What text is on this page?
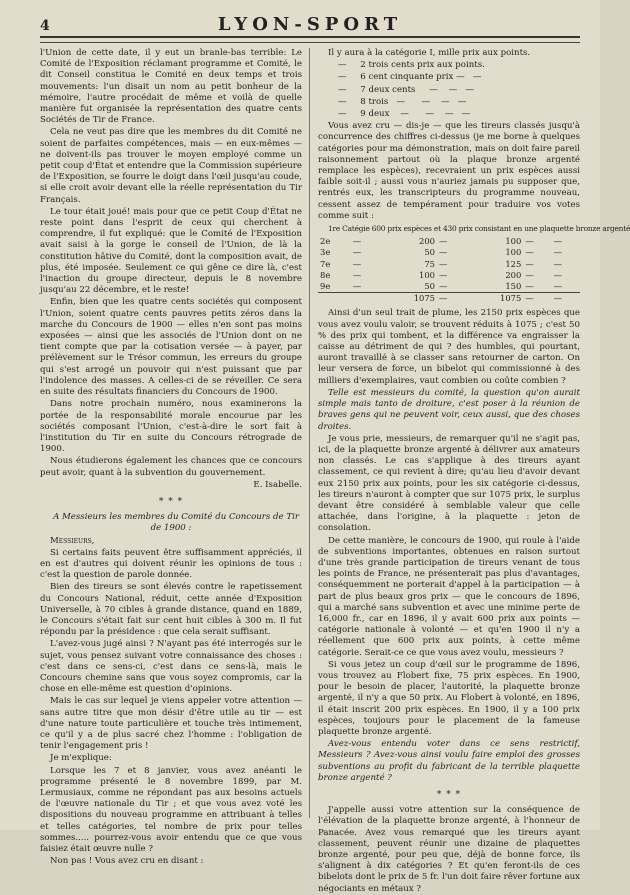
4	LYON-SPORT

l'Union de cette date, il y eut un branle-bas terrible: Le Comité de l'Exposition réclamant programme et Comité, le dit Conseil constitua le Comité en deux temps et trois mouvements: l'un disait un nom au petit bonheur de la mémoire, l'autre procédait de même et voilà de quelle manière fut organisée la représentation des quatre cents Sociétés de Tir de France.

Cela ne veut pas dire que les membres du dit Comité ne soient de parfaites compétences, mais — en eux-mêmes — ne doivent-ils pas trouver le moyen employé comme un petit coup d'État et entendre que la Commission supérieure de l'Exposition, se fourre le doigt dans l'œil jusqu'au coude, si elle croit avoir devant elle la réelle représentation du Tir Français.

Le tour était joué! mais pour que ce petit Coup d'État ne reste point dans l'esprit de ceux qui cherchent à comprendre, il fut expliqué: que le Comité de l'Exposition avait saisi à la gorge le conseil de l'Union, de là la constitution hâtive du Comité, dont la composition avait, de plus, été imposée. Seulement ce qui gêne ce dire là, c'est l'inaction du groupe directeur, depuis le 8 novembre jusqu'au 22 décembre, et le reste!

Enfin, bien que les quatre cents sociétés qui composent l'Union, soient quatre cents pauvres petits zéros dans la marche du Concours de 1900 — elles n'en sont pas moins exposées — ainsi que les associés de l'Union dont on ne tient compte que par la cotisation versée — à payer, par prélèvement sur le Trésor commun, les erreurs du groupe qui s'est arrogé un pouvoir qui n'est puissant que par l'indolence des masses. A celles-ci de se réveiller. Ce sera en suite des résultats financiers du Concours de 1900.

Dans notre prochain numéro, nous examinerons la portée de la responsabilité morale encourue par les sociétés composant l'Union, c'est-à-dire le sort fait à l'institution du Tir en suite du Concours rétrograde de 1900.

Nous étudierons également les chances que ce concours peut avoir, quant à la subvention du gouvernement.

E. Isabelle.
* * *

A Messieurs les membres du Comité du Concours de Tir de 1900 :

Messieurs,

Si certains faits peuvent être suffisamment appréciés, il en est d'autres qui doivent réunir les opinions de tous : c'est la question de parole donnée.

Bien des tireurs se sont élevés contre le rapetissement du Concours National, réduit, cette année d'Exposition Universelle, à 70 cibles à grande distance, quand en 1889, le Concours s'était fait sur cent huit cibles à 300 m. Il fut répondu par la présidence : que cela serait suffisant.

L'avez-vous jugé ainsi ? N'ayant pas été interrogés sur le sujet, vous pensez suivant votre connaissance des choses : c'est dans ce sens-ci, c'est dans ce sens-là, mais le Concours chemine sans que vous soyez compromis, car la chose en elle-même est question d'opinions.

Mais le cas sur lequel je viens appeler votre attention — sans autre titre que mon désir d'être utile au tir — est d'une nature toute particulière et touche très intimement, ce qu'il y a de plus sacré chez l'homme : l'obligation de tenir l'engagement pris !

Je m'explique:

Lorsque les 7 et 8 janvier, vous avez anéanti le programme présenté le 8 novembre 1899, par M. Lermusiaux, comme ne répondant pas aux besoins actuels de l'œuvre nationale du Tir ; et que vous avez voté les dispositions du nouveau programme en attribuant à telles et telles catégories, tel nombre de prix pour telles sommes..... pourrez-vous avoir entendu que ce que vous faisiez était œuvre nulle ?

Non pas ! Vous avez cru en disant :

Il y aura à la catégorie I, mille prix aux points.

—     2 trois cents prix aux points.

—     6 cent cinquante prix —   —

—     7 deux cents     —    —   —

—     8 trois   —      —    —   —

—     9 deux    —      —    —   —

Vous avez cru — dis-je — que les tireurs classés jusqu'à concurrence des chiffres ci-dessus (je me borne à quelques catégories pour ma démonstration, mais on doit faire pareil raisonnement partout où la plaque bronze argenté remplace les espèces), recevraient un prix espèces aussi faible soit-il ; aussi vous n'auriez jamais pu supposer que, rentrés eux, les transcripteurs du programme nouveau, cessent assez de tempérament pour traduire vos votes comme suit :

1re Catégie 600 prix espèces et 430 prix consistant en une plaquette bronze argenté

2e	—	200	—	100	—	—
3e	—	50	—	100	—	—
7e	—	75	—	125	—	—
8e	—	100	—	200	—	—
9e	—	50	—	150	—	—
		1075	—	1075	—	—

Ainsi d'un seul trait de plume, les 2150 prix espèces que vous avez voulu valoir, se trouvent réduits à 1075 ; c'est 50 % des prix qui tombent, et la différence va engraisser la caisse au détriment de qui ? des humbles, qui pourtant, auront travaillé à se classer sans retourner de carton. On leur versera de force, un bibelot qui commissionné à des milliers d'exemplaires, vaut combien ou coûte combien ?

Telle est messieurs du comité, la question qu'on aurait simple mais tanto de droiture, c'est poser à la réunion de braves gens qui ne peuvent voir, ceux aussi, que des choses droites.

Je vous prie, messieurs, de remarquer qu'il ne s'agit pas, ici, de la plaquette bronze argenté à délivrer aux amateurs non classés. Le cas s'applique à des tireurs ayant classement, ce qui revient à dire; qu'au lieu d'avoir devant eux 2150 prix aux points, pour les six catégorie ci-dessus, les tireurs n'auront à compter que sur 1075 prix, le surplus devant être considéré à semblable valeur que celle attachée, dans l'origine, à la plaquette : jeton de consolation.

De cette manière, le concours de 1900, qui roule à l'aide de subventions importantes, obtenues en raison surtout d'une très grande participation de tireurs venant de tous les points de France, ne présenterait pas plus d'avantages, conséquemment ne porterait d'appel à la participation — à part de plus beaux gros prix — que le concours de 1896, qui a marché sans subvention et avec une minime perte de 16,000 fr., car en 1896, il y avait 600 prix aux points — catégorie nationale à volonté — et qu'en 1900 il n'y a réellement que 600 prix aux points, à cette même catégorie. Serait-ce ce que vous avez voulu, messieurs ?

Si vous jetez un coup d'œil sur le programme de 1896, vous trouvez au Flobert fixe, 75 prix espèces. En 1900, pour le besoin de placer, l'autorité, la plaquette bronze argenté, il n'y a que 50 prix. Au Flobert à volonté, en 1896, il était inscrit 200 prix espèces. En 1900, il y a 100 prix espèces, toujours pour le placement de la fameuse plaquette bronze argenté.

Avez-vous entendu voter dans ce sens restrictif, Messieurs ? Avez-vous ainsi voulu faire emploi des grosses subventions au profit du fabricant de la terrible plaquette bronze argenté ?

* * *

J'appelle aussi votre attention sur la conséquence de l'élévation de la plaquette bronze argenté, à l'honneur de Panacée. Avez vous remarqué que les tireurs ayant classement, peuvent réunir une dizaine de plaquettes bronze argenté, pour peu que, déjà de bonne force, ils s'alignent à dix catégories ? Et qu'en feront-ils de ces bibelots dont le prix de 5 fr. l'un doit faire rêver fortune aux négociants en métaux ?
